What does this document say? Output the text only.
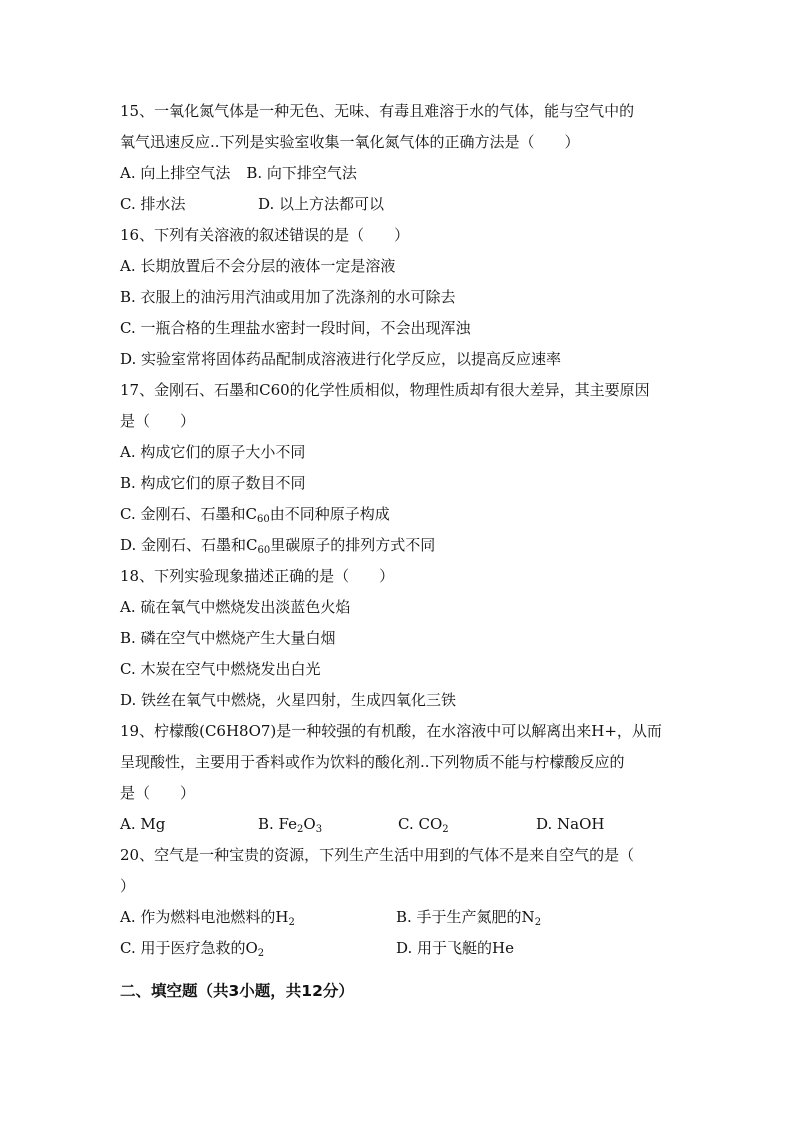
15、一氧化氮气体是一种无色、无味、有毒且难溶于水的气体，能与空气中的
氧气迅速反应..下列是实验室收集一氧化氮气体的正确方法是（　　）
A. 向上排空气法 B. 向下排空气法
C. 排水法	D. 以上方法都可以
16、下列有关溶液的叙述错误的是（　　）
A. 长期放置后不会分层的液体一定是溶液
B. 衣服上的油污用汽油或用加了洗涤剂的水可除去
C. 一瓶合格的生理盐水密封一段时间，不会出现浑浊
D. 实验室常将固体药品配制成溶液进行化学反应，以提高反应速率
17、金刚石、石墨和C60的化学性质相似，物理性质却有很大差异，其主要原因
是（　　）
A. 构成它们的原子大小不同
B. 构成它们的原子数目不同
C. 金刚石、石墨和$C_{60}$由不同种原子构成
D. 金刚石、石墨和$C_{60}$里碳原子的排列方式不同
18、下列实验现象描述正确的是（　　）
A. 硫在氧气中燃烧发出淡蓝色火焰
B. 磷在空气中燃烧产生大量白烟
C. 木炭在空气中燃烧发出白光
D. 铁丝在氧气中燃烧，火星四射，生成四氧化三铁
19、柠檬酸(C6H8O7)是一种较强的有机酸，在水溶液中可以解离出来H+，从而
呈现酸性，主要用于香料或作为饮料的酸化剂..下列物质不能与柠檬酸反应的
是（　　）
A. Mg	B. $Fe_2O_3$	C. $CO_2$	D. NaOH
20、空气是一种宝贵的资源，下列生产生活中用到的气体不是来自空气的是（
）
A. 作为燃料电池燃料的$H_2$	B. 手于生产氮肥的$N_2$
C. 用于医疗急救的$O_2$	D. 用于飞艇的He
二、填空题（共3小题，共12分）
